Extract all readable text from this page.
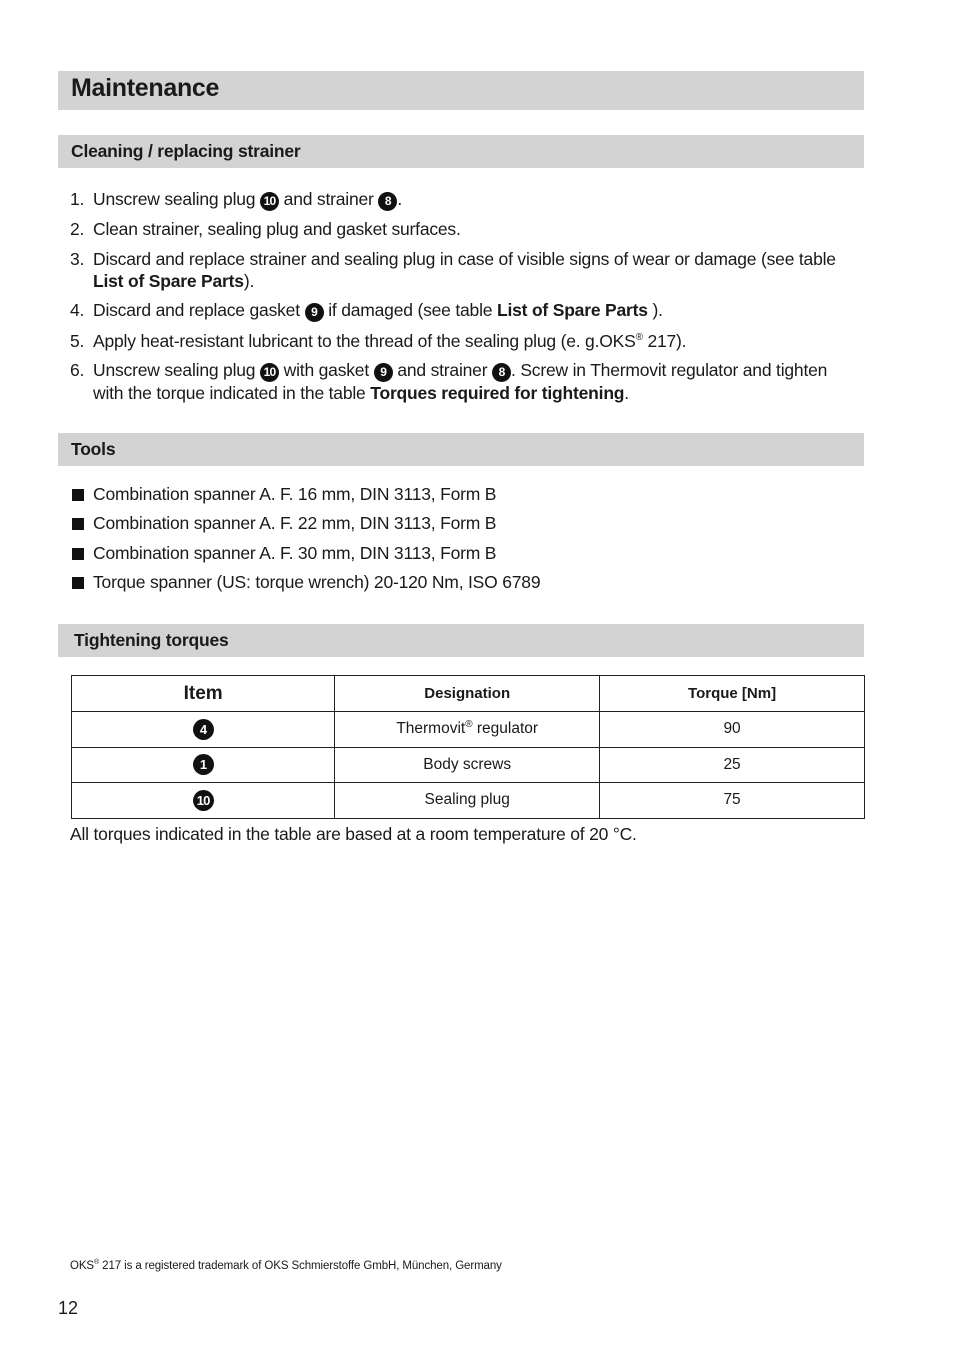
Maintenance
Cleaning / replacing strainer
1. Unscrew sealing plug 10 and strainer 8 .
2. Clean strainer, sealing plug and gasket surfaces.
3. Discard and replace strainer and sealing plug in case of visible signs of wear or damage (see table List of Spare Parts).
4. Discard and replace gasket 9 if damaged (see table List of Spare Parts ).
5. Apply heat-resistant lubricant to the thread of the sealing plug (e. g.OKS® 217).
6. Unscrew sealing plug 10 with gasket 9 and strainer 8 . Screw in Thermovit regulator and tighten with the torque indicated in the table Torques required for tightening.
Tools
Combination spanner A. F. 16 mm, DIN 3113, Form B
Combination spanner A. F. 22 mm, DIN 3113, Form B
Combination spanner A. F. 30 mm, DIN 3113, Form B
Torque spanner (US: torque wrench) 20-120 Nm, ISO 6789
Tightening torques
Item	Designation	Torque [Nm]
4	Thermovit® regulator	90
1	Body screws	25
10	Sealing plug	75
All torques indicated in the table are based at a room temperature of 20 °C.
OKS® 217 is a registered trademark of OKS Schmierstoffe GmbH, München, Germany
12
